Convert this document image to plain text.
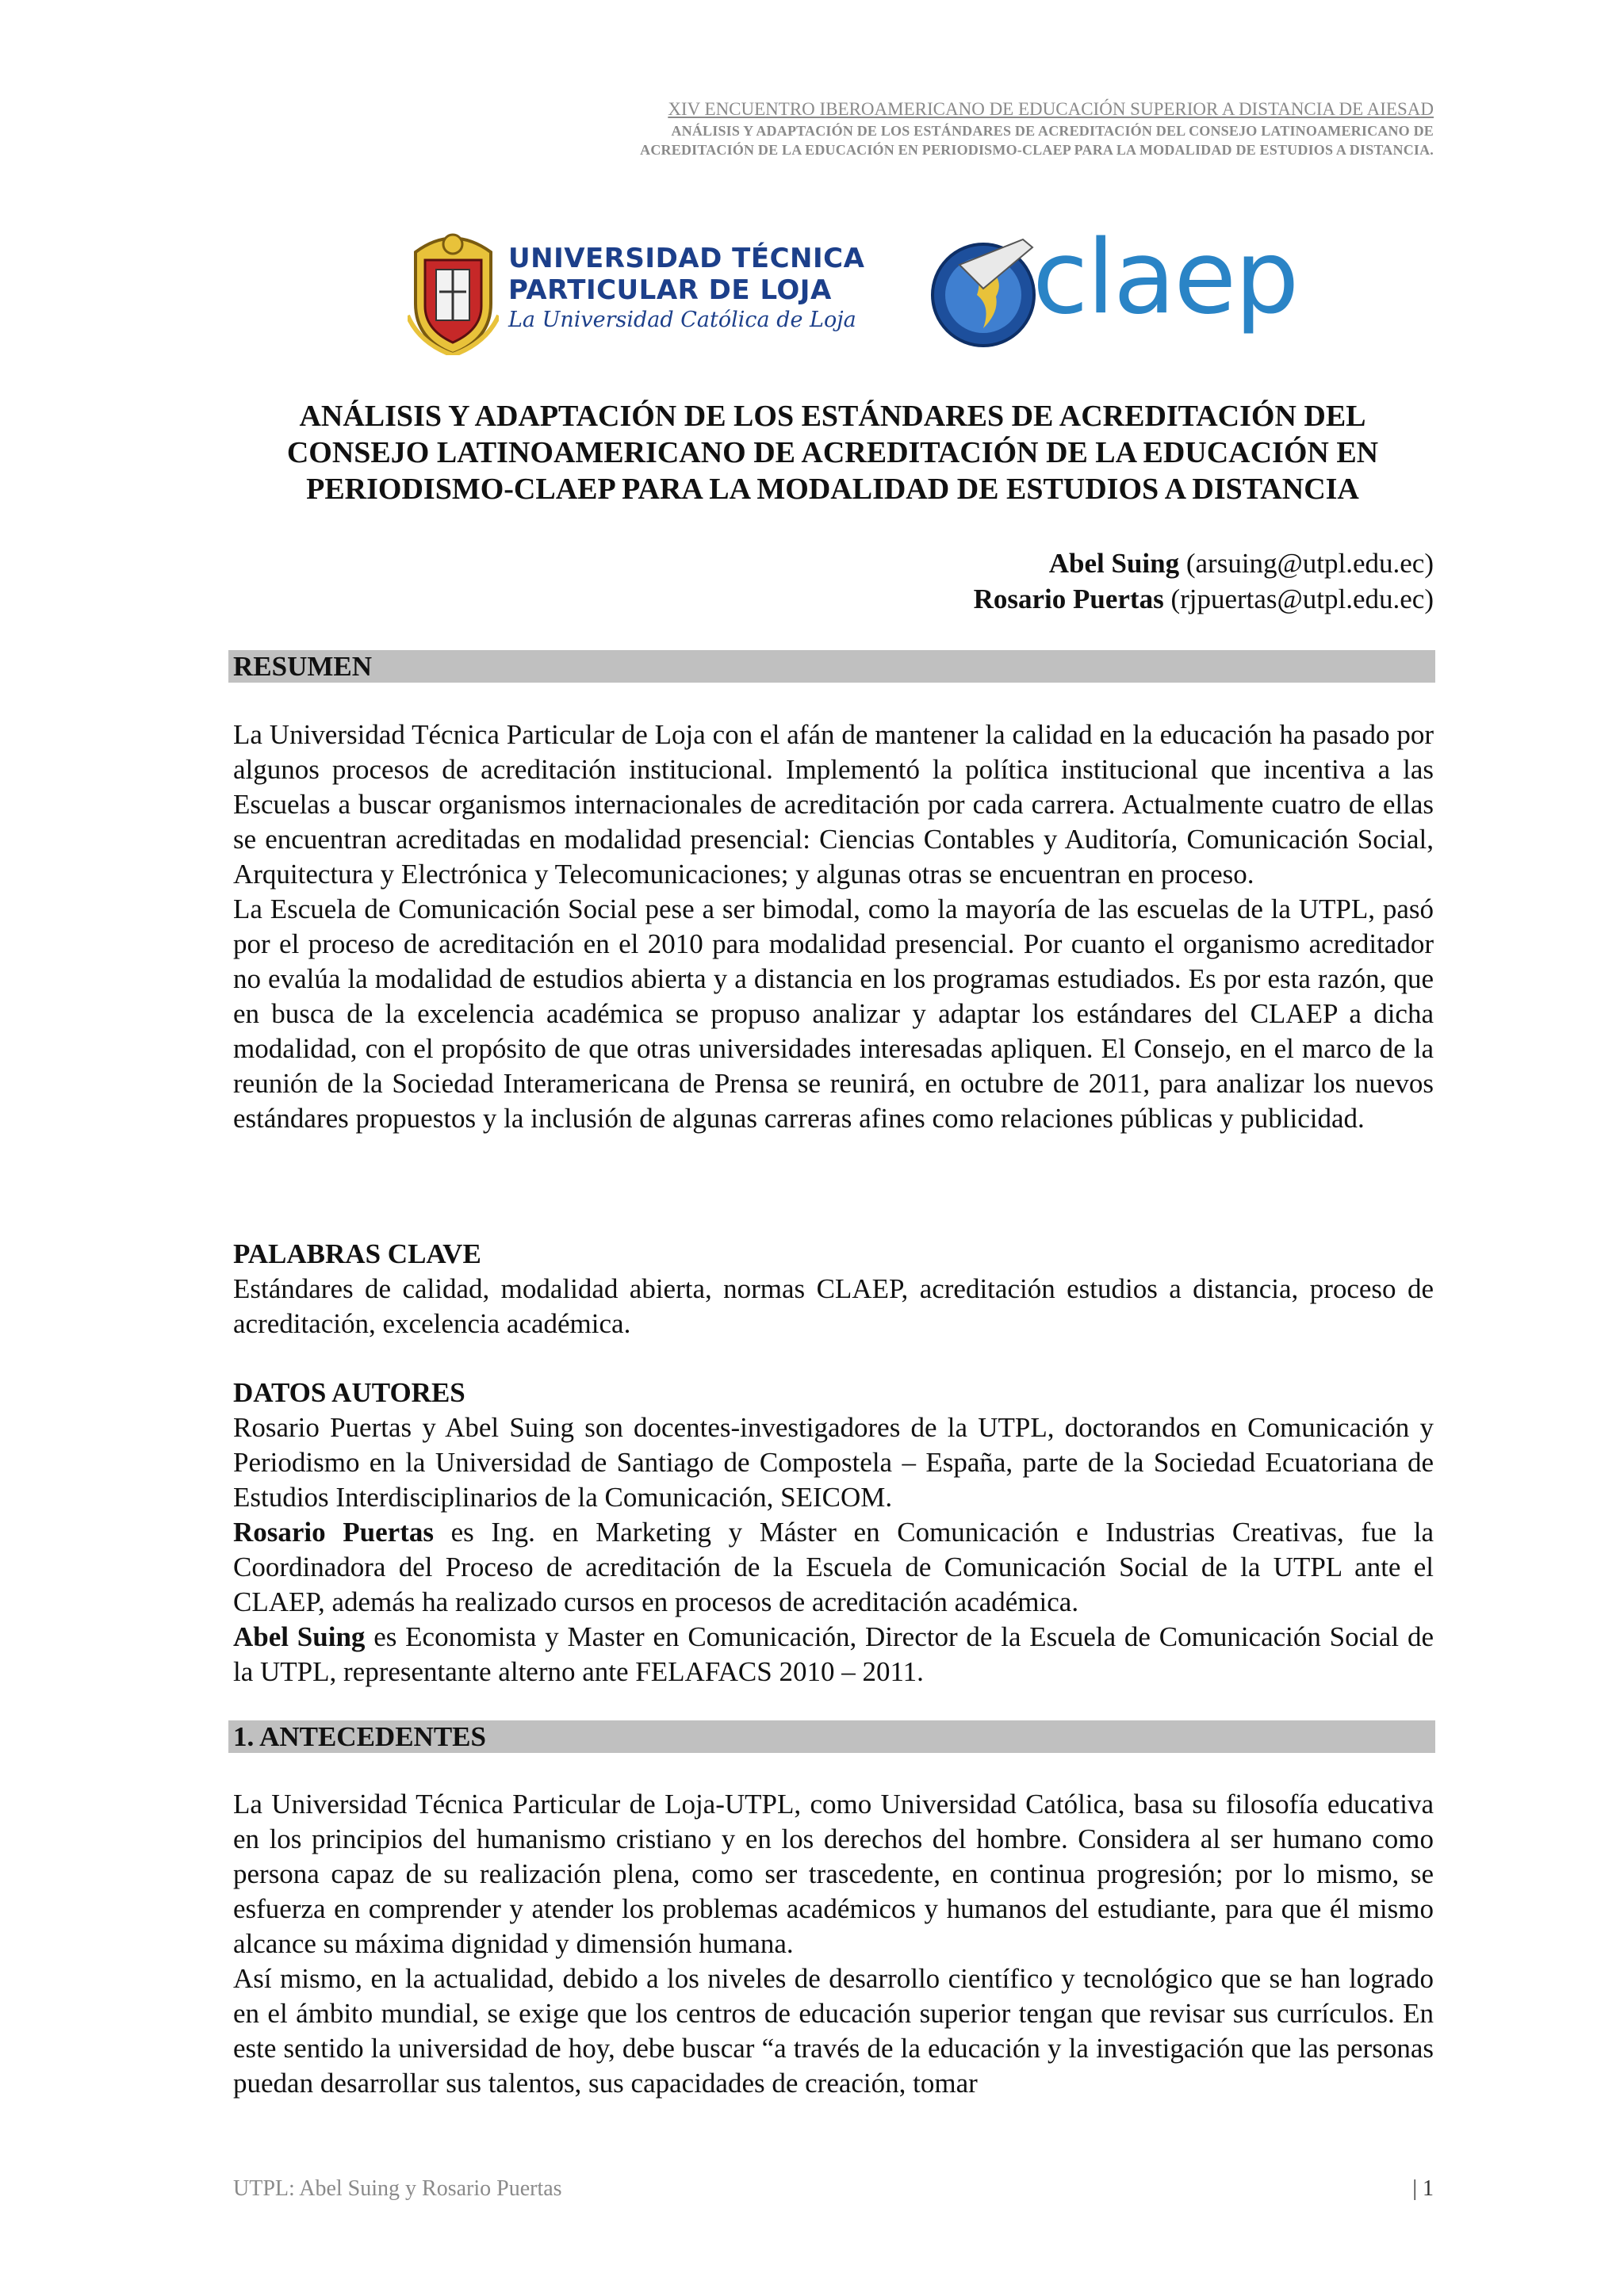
XIV ENCUENTRO IBEROAMERICANO DE EDUCACIÓN SUPERIOR A DISTANCIA DE AIESAD
ANÁLISIS Y ADAPTACIÓN DE LOS ESTÁNDARES DE ACREDITACIÓN DEL CONSEJO LATINOAMERICANO DE
ACREDITACIÓN DE LA EDUCACIÓN EN PERIODISMO-CLAEP PARA LA MODALIDAD DE ESTUDIOS A DISTANCIA.
UNIVERSIDAD TÉCNICA
PARTICULAR DE LOJA
La Universidad Católica de Loja claep
ANÁLISIS Y ADAPTACIÓN DE LOS ESTÁNDARES DE ACREDITACIÓN DEL CONSEJO LATINOAMERICANO DE ACREDITACIÓN DE LA EDUCACIÓN EN PERIODISMO-CLAEP PARA LA MODALIDAD DE ESTUDIOS A DISTANCIA
Abel Suing (arsuing@utpl.edu.ec)
Rosario Puertas (rjpuertas@utpl.edu.ec)
RESUMEN

La Universidad Técnica Particular de Loja con el afán de mantener la calidad en la educación ha pasado por algunos procesos de acreditación institucional. Implementó la política institucional que incentiva a las Escuelas a buscar organismos internacionales de acreditación por cada carrera. Actualmente cuatro de ellas se encuentran acreditadas en modalidad presencial: Ciencias Contables y Auditoría, Comunicación Social, Arquitectura y Electrónica y Telecomunicaciones; y algunas otras se encuentran en proceso.

La Escuela de Comunicación Social pese a ser bimodal, como la mayoría de las escuelas de la UTPL, pasó por el proceso de acreditación en el 2010 para modalidad presencial. Por cuanto el organismo acreditador no evalúa la modalidad de estudios abierta y a distancia en los programas estudiados. Es por esta razón, que en busca de la excelencia académica se propuso analizar y adaptar los estándares del CLAEP a dicha modalidad, con el propósito de que otras universidades interesadas apliquen. El Consejo, en el marco de la reunión de la Sociedad Interamericana de Prensa se reunirá, en octubre de 2011, para analizar los nuevos estándares propuestos y la inclusión de algunas carreras afines como relaciones públicas y publicidad.

PALABRAS CLAVE

Estándares de calidad, modalidad abierta, normas CLAEP, acreditación estudios a distancia, proceso de acreditación, excelencia académica.

DATOS AUTORES

Rosario Puertas y Abel Suing son docentes-investigadores de la UTPL, doctorandos en Comunicación y Periodismo en la Universidad de Santiago de Compostela – España, parte de la Sociedad Ecuatoriana de Estudios Interdisciplinarios de la Comunicación, SEICOM.

Rosario Puertas es Ing. en Marketing y Máster en Comunicación e Industrias Creativas, fue la Coordinadora del Proceso de acreditación de la Escuela de Comunicación Social de la UTPL ante el CLAEP, además ha realizado cursos en procesos de acreditación académica.

Abel Suing es Economista y Master en Comunicación, Director de la Escuela de Comunicación Social de la UTPL, representante alterno ante FELAFACS 2010 – 2011.

1. ANTECEDENTES

La Universidad Técnica Particular de Loja-UTPL, como Universidad Católica, basa su filosofía educativa en los principios del humanismo cristiano y en los derechos del hombre. Considera al ser humano como persona capaz de su realización plena, como ser trascedente, en continua progresión; por lo mismo, se esfuerza en comprender y atender los problemas académicos y humanos del estudiante, para que él mismo alcance su máxima dignidad y dimensión humana.

Así mismo, en la actualidad, debido a los niveles de desarrollo científico y tecnológico que se han logrado en el ámbito mundial, se exige que los centros de educación superior tengan que revisar sus currículos. En este sentido la universidad de hoy, debe buscar “a través de la educación y la investigación que las personas puedan desarrollar sus talentos, sus capacidades de creación, tomar

UTPL: Abel Suing y Rosario Puertas	| 1
